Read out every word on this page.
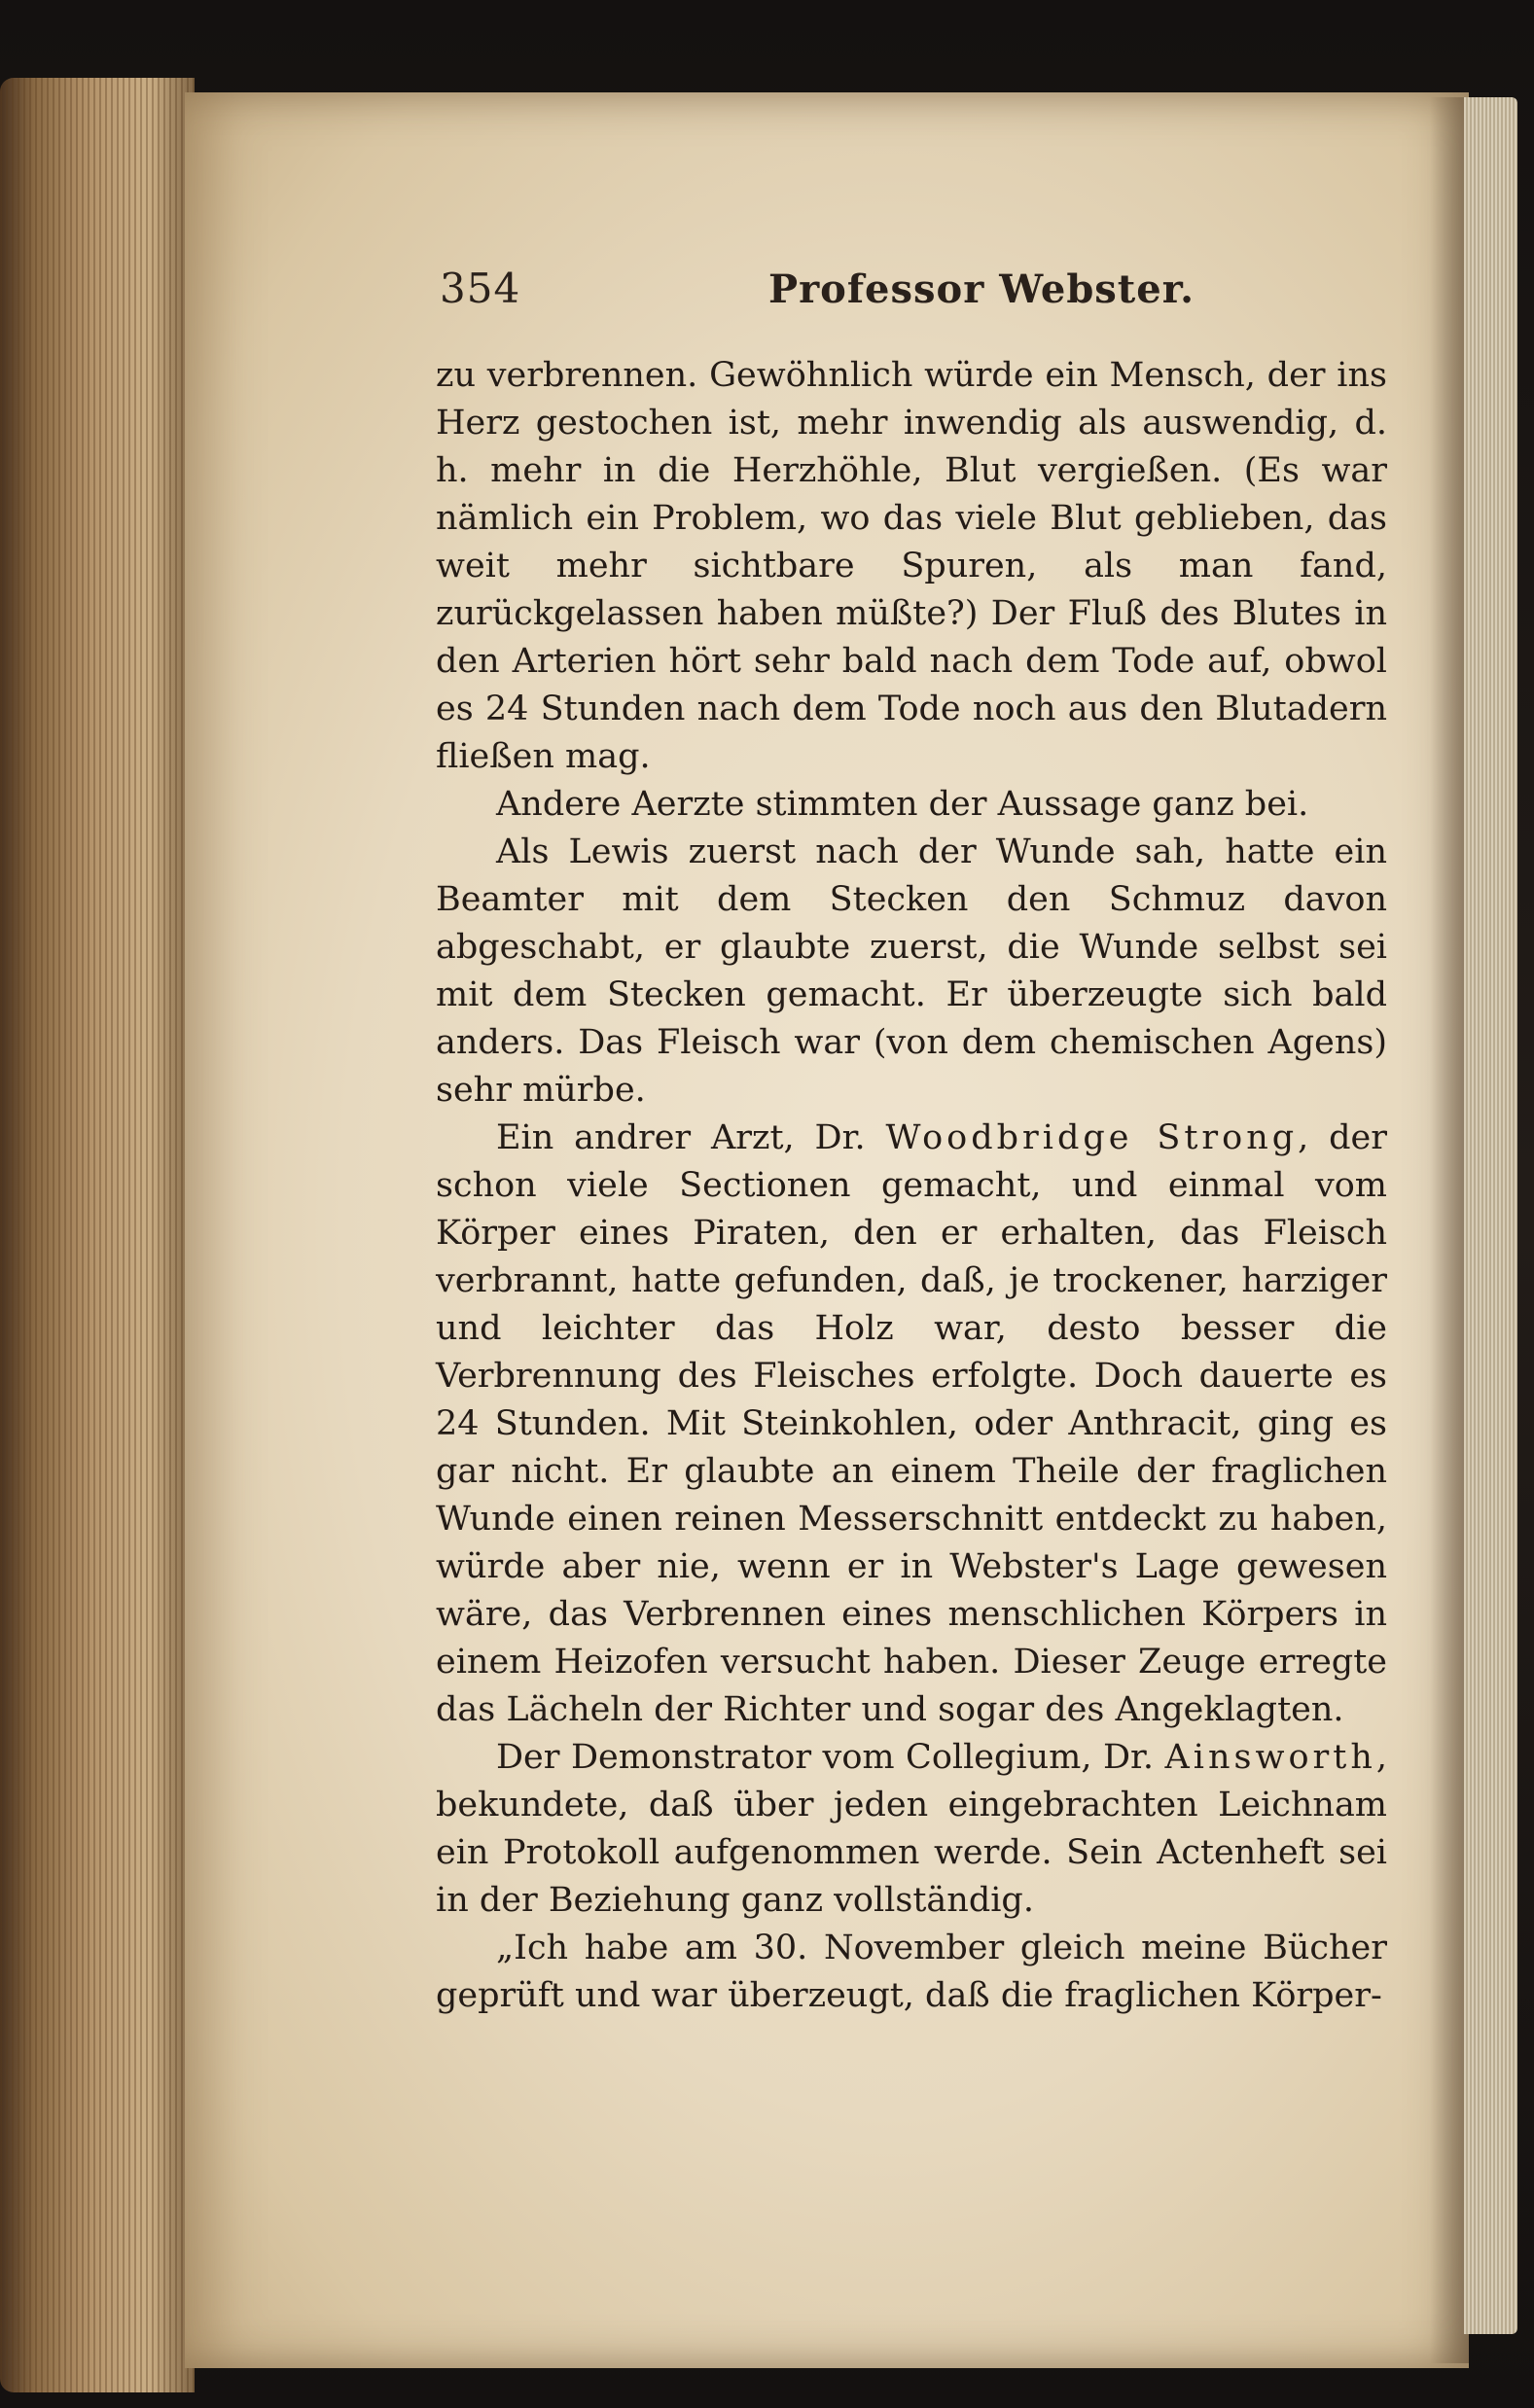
354	Professor Webster.

zu verbrennen. Gewöhnlich würde ein Mensch, der ins Herz gestochen ist, mehr inwendig als auswendig, d. h. mehr in die Herzhöhle, Blut vergießen. (Es war nämlich ein Problem, wo das viele Blut geblieben, das weit mehr sichtbare Spuren, als man fand, zurückgelassen haben müßte?) Der Fluß des Blutes in den Arterien hört sehr bald nach dem Tode auf, obwol es 24 Stunden nach dem Tode noch aus den Blutadern fließen mag.

Andere Aerzte stimmten der Aussage ganz bei.

Als Lewis zuerst nach der Wunde sah, hatte ein Beamter mit dem Stecken den Schmuz davon abgeschabt, er glaubte zuerst, die Wunde selbst sei mit dem Stecken gemacht. Er überzeugte sich bald anders. Das Fleisch war (von dem chemischen Agens) sehr mürbe.

Ein andrer Arzt, Dr. Woodbridge Strong, der schon viele Sectionen gemacht, und einmal vom Körper eines Piraten, den er erhalten, das Fleisch verbrannt, hatte gefunden, daß, je trockener, harziger und leichter das Holz war, desto besser die Verbrennung des Fleisches erfolgte. Doch dauerte es 24 Stunden. Mit Steinkohlen, oder Anthracit, ging es gar nicht. Er glaubte an einem Theile der fraglichen Wunde einen reinen Messerschnitt entdeckt zu haben, würde aber nie, wenn er in Webster's Lage gewesen wäre, das Verbrennen eines menschlichen Körpers in einem Heizofen versucht haben. Dieser Zeuge erregte das Lächeln der Richter und sogar des Angeklagten.

Der Demonstrator vom Collegium, Dr. Ainsworth, bekundete, daß über jeden eingebrachten Leichnam ein Protokoll aufgenommen werde. Sein Actenheft sei in der Beziehung ganz vollständig.

„Ich habe am 30. November gleich meine Bücher geprüft und war überzeugt, daß die fraglichen Körper-
